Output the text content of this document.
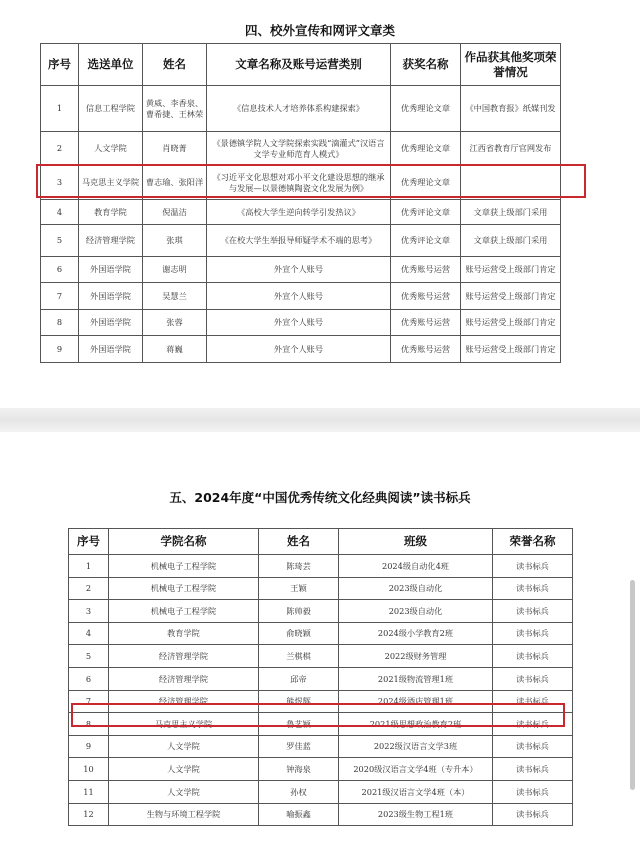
四、校外宣传和网评文章类
序号	选送单位	姓名	文章名称及账号运营类别	获奖名称	作品获其他奖项荣誉情况
1	信息工程学院	黄威、李香泉、曹希捷、王林荣	《信息技术人才培养体系构建探索》	优秀理论文章	《中国教育报》纸媒刊发
2	人文学院	肖晓菁	《景德镇学院人文学院探索实践“滴灌式”汉语言文学专业师范育人模式》	优秀理论文章	江西省教育厅官网发布
3	马克思主义学院	曹志瑜、张阳洋	《习近平文化思想对邓小平文化建设思想的继承与发展—以景德镇陶瓷文化发展为例》	优秀理论文章	
4	教育学院	倪温洁	《高校大学生逆向转学引发热议》	优秀评论文章	文章获上级部门采用
5	经济管理学院	张琪	《在校大学生举报导师疑学术不端的思考》	优秀评论文章	文章获上级部门采用
6	外国语学院	谢志明	外宣个人账号	优秀账号运营	账号运营受上级部门肯定
7	外国语学院	吴慧兰	外宣个人账号	优秀账号运营	账号运营受上级部门肯定
8	外国语学院	张蓉	外宣个人账号	优秀账号运营	账号运营受上级部门肯定
9	外国语学院	蒋巍	外宣个人账号	优秀账号运营	账号运营受上级部门肯定
五、2024年度“中国优秀传统文化经典阅读”读书标兵
序号	学院名称	姓名	班级	荣誉名称
1	机械电子工程学院	陈琦芸	2024级自动化4班	读书标兵
2	机械电子工程学院	王颖	2023级自动化	读书标兵
3	机械电子工程学院	陈帅毅	2023级自动化	读书标兵
4	教育学院	俞晓颖	2024级小学教育2班	读书标兵
5	经济管理学院	兰棋棋	2022级财务管理	读书标兵
6	经济管理学院	邱帝	2021级物流管理1班	读书标兵
7	经济管理学院	熊煜辉	2024级酒店管理1班	读书标兵
8	马克思主义学院	鲁艺颖	2021级思想政治教育2班	读书标兵
9	人文学院	罗佳蓝	2022级汉语言文学3班	读书标兵
10	人文学院	钟海泉	2020级汉语言文学4班（专升本）	读书标兵
11	人文学院	孙权	2021级汉语言文学4班（本）	读书标兵
12	生物与环境工程学院	喻振鑫	2023级生物工程1班	读书标兵
